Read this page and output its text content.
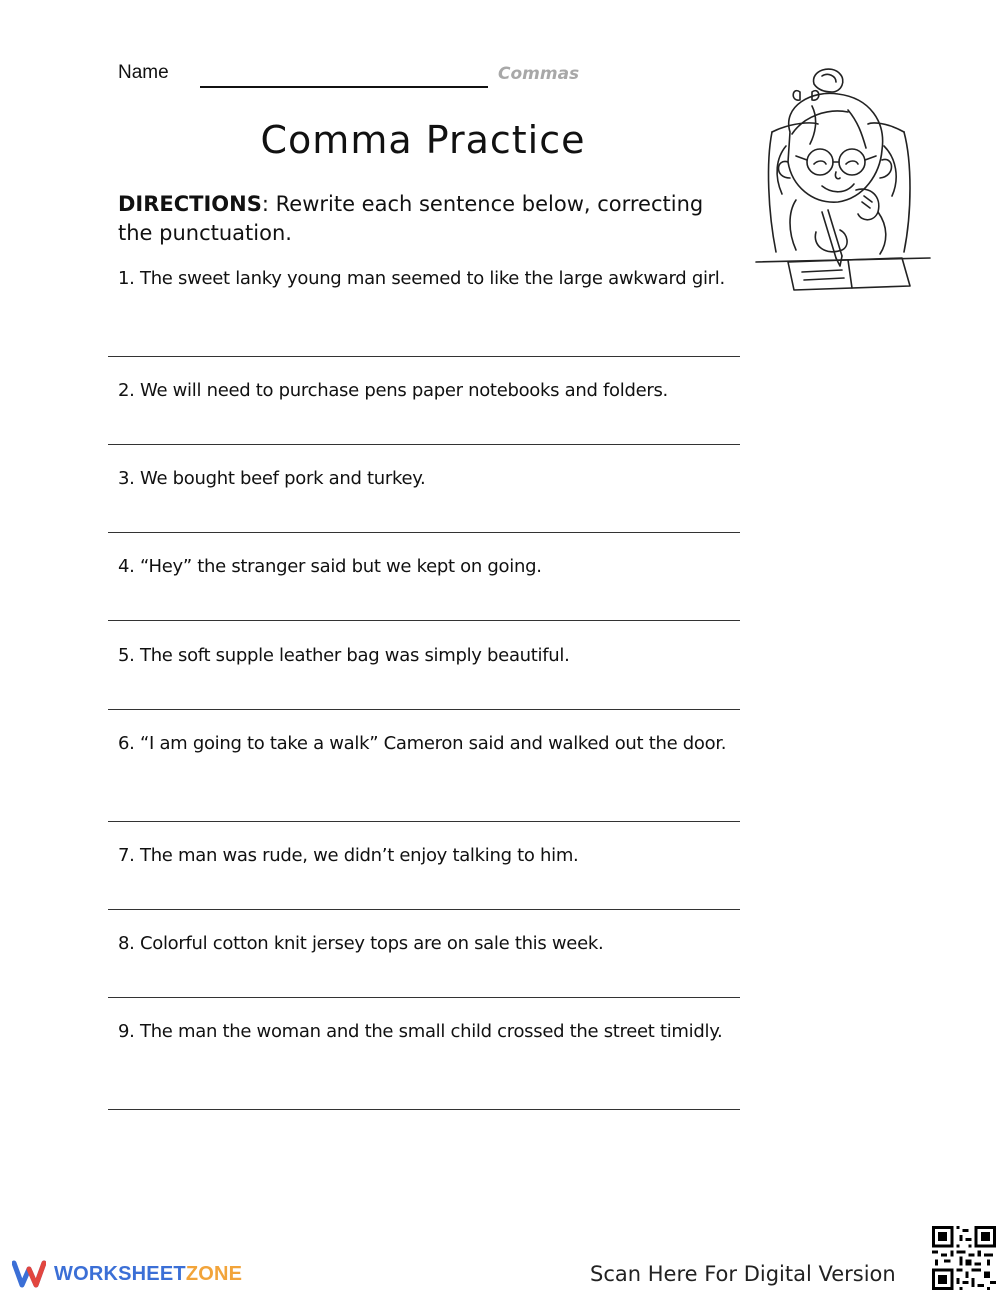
Name	Commas
Comma Practice
DIRECTIONS: Rewrite each sentence below, correcting the punctuation.
1. The sweet lanky young man seemed to like the large awkward girl.
2. We will need to purchase pens paper notebooks and folders.
3. We bought beef pork and turkey.
4. “Hey” the stranger said but we kept on going.
5. The soft supple leather bag was simply beautiful.
6. “I am going to take a walk” Cameron said and walked out the door.
7. The man was rude, we didn’t enjoy talking to him.
8. Colorful cotton knit jersey tops are on sale this week.
9. The man the woman and the small child crossed the street timidly.
WORKSHEETZONE	Scan Here For Digital Version
